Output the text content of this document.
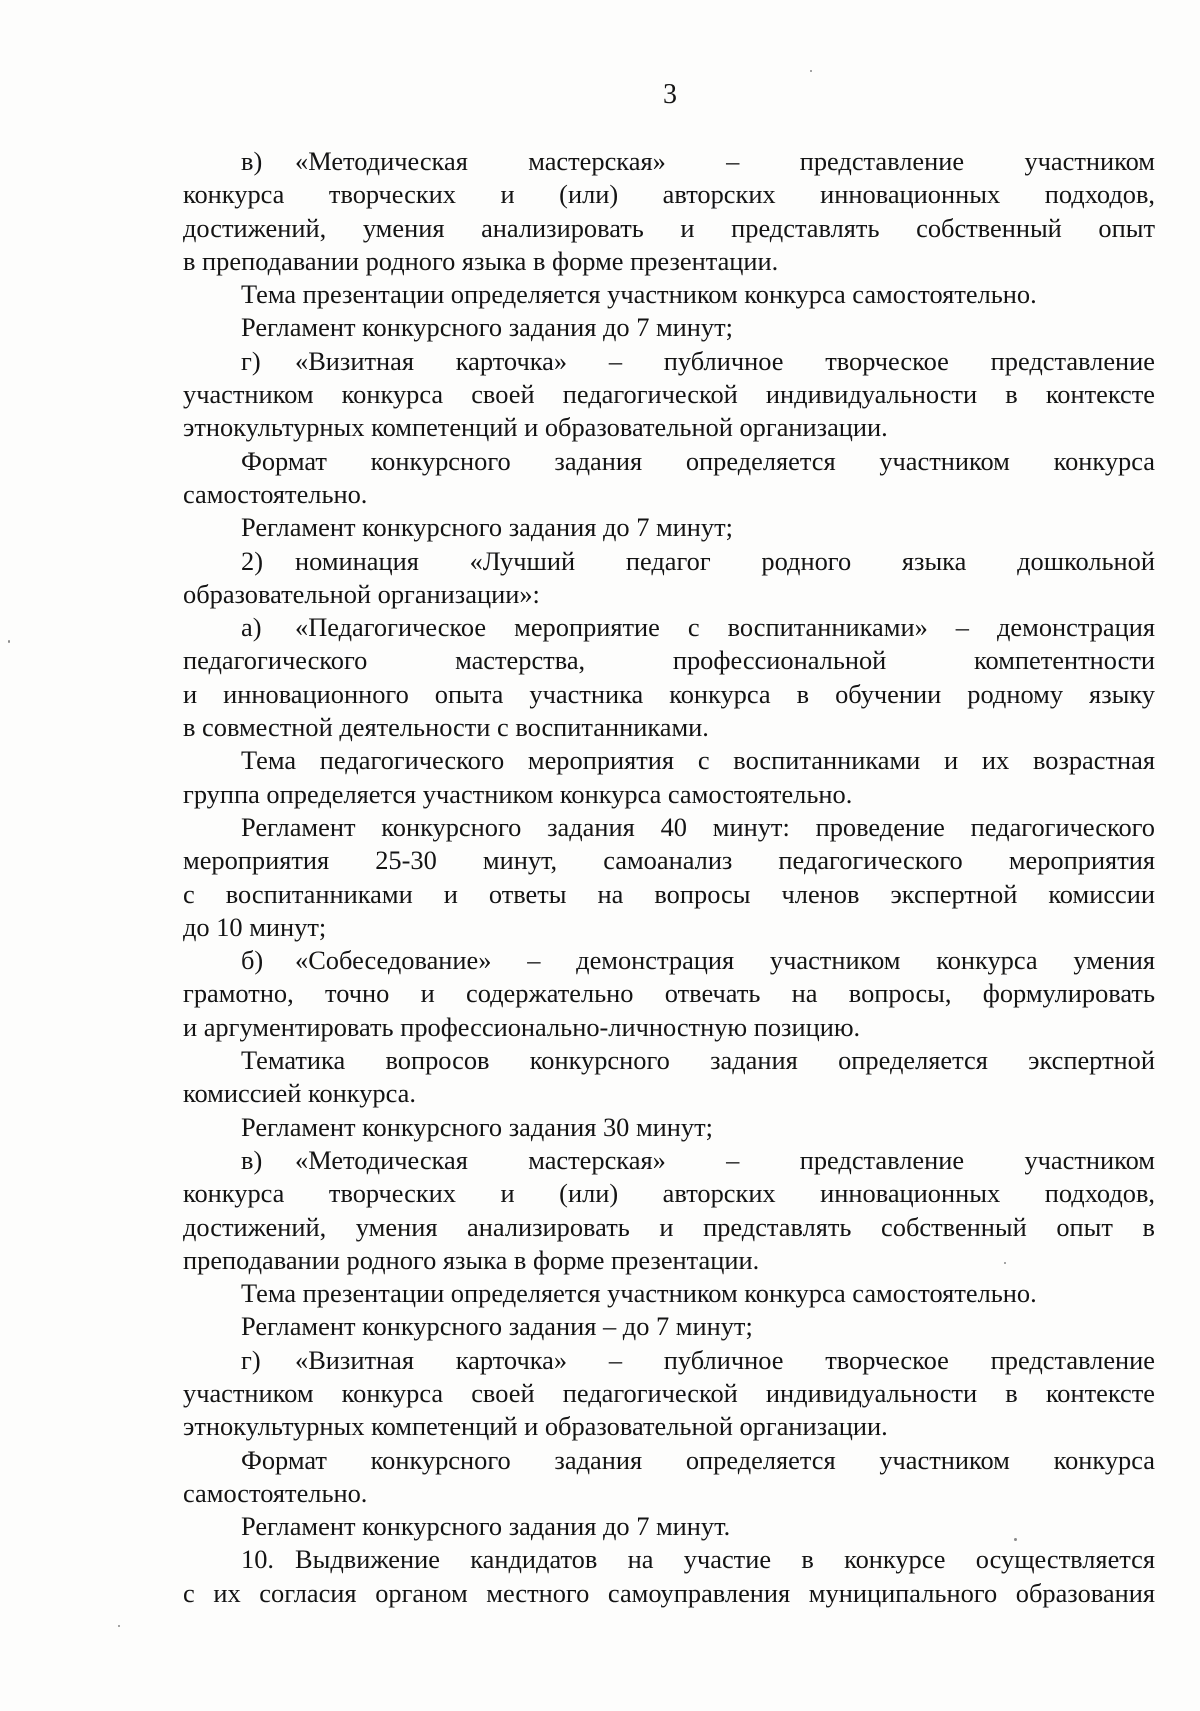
3
в)	«Методическая мастерская» – представление участником
конкурса творческих и (или) авторских инновационных подходов,
достижений, умения анализировать и представлять собственный опыт
в преподавании родного языка в форме презентации.
Тема презентации определяется участником конкурса самостоятельно.
Регламент конкурсного задания до 7 минут;
г)	«Визитная карточка» – публичное творческое представление
участником конкурса своей педагогической индивидуальности в контексте
этнокультурных компетенций и образовательной организации.
Формат конкурсного задания определяется участником конкурса
самостоятельно.
Регламент конкурсного задания до 7 минут;
2)	номинация «Лучший педагог родного языка дошкольной
образовательной организации»:
а)	«Педагогическое мероприятие с воспитанниками» – демонстрация
педагогического мастерства, профессиональной компетентности
и инновационного опыта участника конкурса в обучении родному языку
в совместной деятельности с воспитанниками.
Тема педагогического мероприятия с воспитанниками и их возрастная
группа определяется участником конкурса самостоятельно.
Регламент конкурсного задания 40 минут: проведение педагогического
мероприятия 25-30 минут, самоанализ педагогического мероприятия
с воспитанниками и ответы на вопросы членов экспертной комиссии
до 10 минут;
б)	«Собеседование» – демонстрация участником конкурса умения
грамотно, точно и содержательно отвечать на вопросы, формулировать
и аргументировать профессионально-личностную позицию.
Тематика вопросов конкурсного задания определяется экспертной
комиссией конкурса.
Регламент конкурсного задания 30 минут;
в)	«Методическая мастерская» – представление участником
конкурса творческих и (или) авторских инновационных подходов,
достижений, умения анализировать и представлять собственный опыт в
преподавании родного языка в форме презентации.
Тема презентации определяется участником конкурса самостоятельно.
Регламент конкурсного задания – до 7 минут;
г)	«Визитная карточка» – публичное творческое представление
участником конкурса своей педагогической индивидуальности в контексте
этнокультурных компетенций и образовательной организации.
Формат конкурсного задания определяется участником конкурса
самостоятельно.
Регламент конкурсного задания до 7 минут.
10. Выдвижение кандидатов на участие в конкурсе осуществляется
с их согласия органом местного самоуправления муниципального образования
